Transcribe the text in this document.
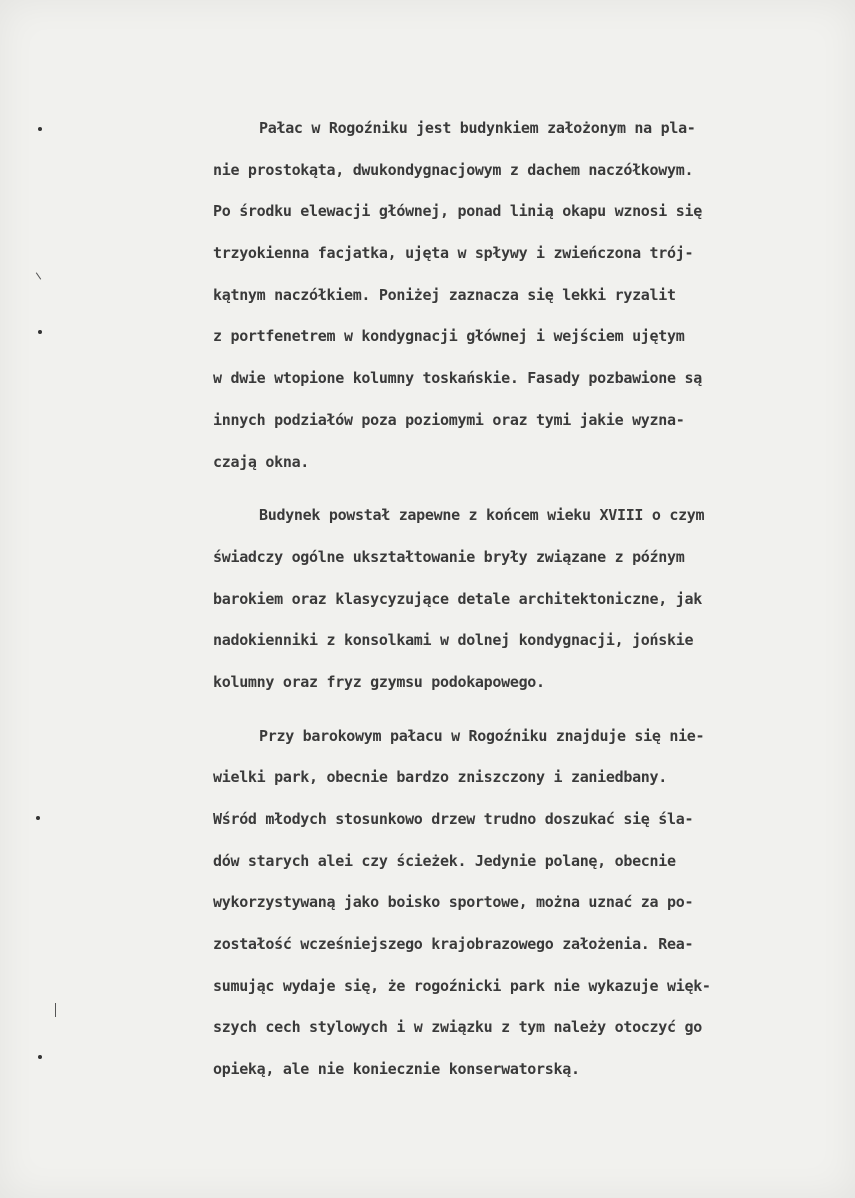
Pałac w Rogoźniku jest budynkiem założonym na pla-
nie prostokąta, dwukondygnacjowym z dachem naczółkowym.
Po środku elewacji głównej, ponad linią okapu wznosi się
trzyokienna facjatka, ujęta w spływy i zwieńczona trój-
kątnym naczółkiem. Poniżej zaznacza się lekki ryzalit
z portfenetrem w kondygnacji głównej i wejściem ujętym
w dwie wtopione kolumny toskańskie. Fasady pozbawione są
innych podziałów poza poziomymi oraz tymi jakie wyzna-
czają okna.
Budynek powstał zapewne z końcem wieku XVIII o czym
świadczy ogólne ukształtowanie bryły związane z późnym
barokiem oraz klasycyzujące detale architektoniczne, jak
nadokienniki z konsolkami w dolnej kondygnacji, jońskie
kolumny oraz fryz gzymsu podokapowego.
Przy barokowym pałacu w Rogoźniku znajduje się nie-
wielki park, obecnie bardzo zniszczony i zaniedbany.
Wśród młodych stosunkowo drzew trudno doszukać się śla-
dów starych alei czy ścieżek. Jedynie polanę, obecnie
wykorzystywaną jako boisko sportowe, można uznać za po-
zostałość wcześniejszego krajobrazowego założenia. Rea-
sumując wydaje się, że rogoźnicki park nie wykazuje więk-
szych cech stylowych i w związku z tym należy otoczyć go
opieką, ale nie koniecznie konserwatorską.
